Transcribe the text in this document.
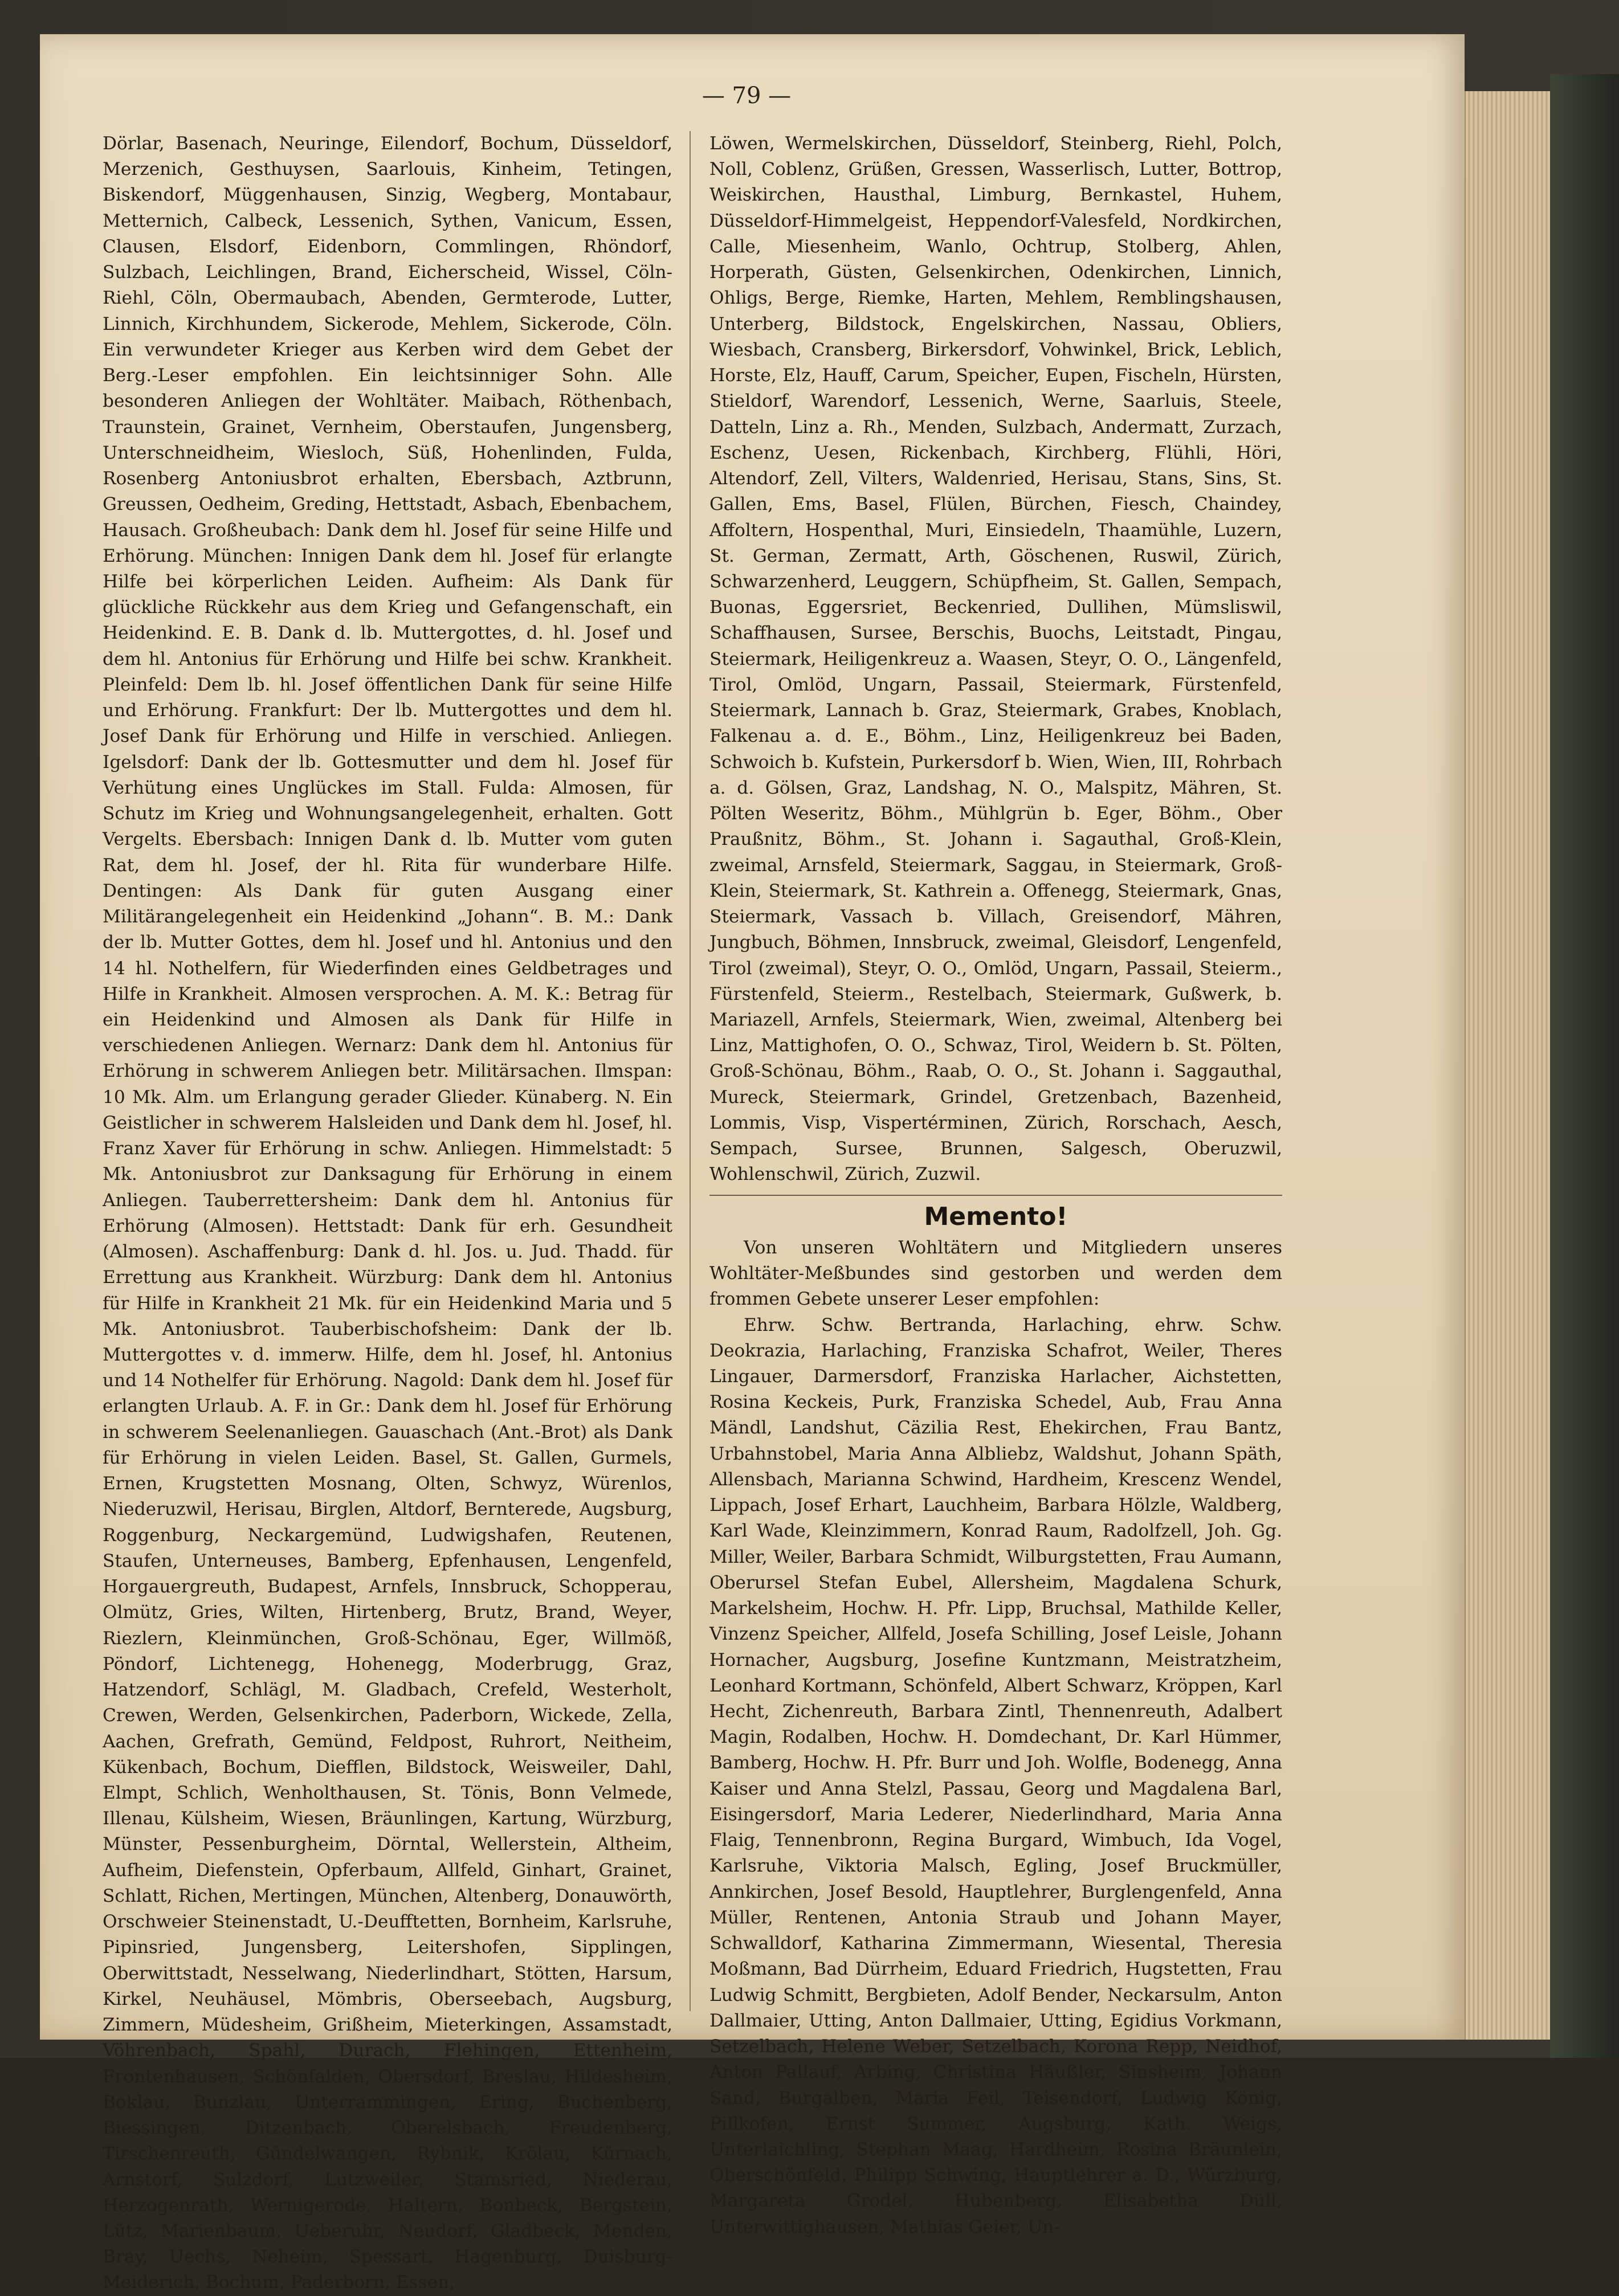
— 79 —

Dörlar, Basenach, Neuringe, Eilendorf, Bochum, Düsseldorf, Merzenich, Gesthuysen, Saarlouis, Kinheim, Tetingen, Biskendorf, Müggenhausen, Sinzig, Wegberg, Montabaur, Metternich, Calbeck, Lessenich, Sythen, Vanicum, Essen, Clausen, Elsdorf, Eidenborn, Commlingen, Rhöndorf, Sulzbach, Leichlingen, Brand, Eicherscheid, Wissel, Cöln-Riehl, Cöln, Obermaubach, Abenden, Germterode, Lutter, Linnich, Kirchhundem, Sickerode, Mehlem, Sickerode, Cöln. Ein verwundeter Krieger aus Kerben wird dem Gebet der Berg.-Leser empfohlen. Ein leichtsinniger Sohn. Alle besonderen Anliegen der Wohltäter. Maibach, Röthenbach, Traunstein, Grainet, Vernheim, Oberstaufen, Jungensberg, Unterschneidheim, Wiesloch, Süß, Hohenlinden, Fulda, Rosenberg Antoniusbrot erhalten, Ebersbach, Aztbrunn, Greussen, Oedheim, Greding, Hettstadt, Asbach, Ebenbachem, Hausach. Großheubach: Dank dem hl. Josef für seine Hilfe und Erhörung. München: Innigen Dank dem hl. Josef für erlangte Hilfe bei körperlichen Leiden. Aufheim: Als Dank für glückliche Rückkehr aus dem Krieg und Gefangenschaft, ein Heidenkind. E. B. Dank d. lb. Muttergottes, d. hl. Josef und dem hl. Antonius für Erhörung und Hilfe bei schw. Krankheit. Pleinfeld: Dem lb. hl. Josef öffentlichen Dank für seine Hilfe und Erhörung. Frankfurt: Der lb. Muttergottes und dem hl. Josef Dank für Erhörung und Hilfe in verschied. Anliegen. Igelsdorf: Dank der lb. Gottesmutter und dem hl. Josef für Verhütung eines Unglückes im Stall. Fulda: Almosen, für Schutz im Krieg und Wohnungsangelegenheit, erhalten. Gott Vergelts. Ebersbach: Innigen Dank d. lb. Mutter vom guten Rat, dem hl. Josef, der hl. Rita für wunderbare Hilfe. Dentingen: Als Dank für guten Ausgang einer Militärangelegenheit ein Heidenkind „Johann“. B. M.: Dank der lb. Mutter Gottes, dem hl. Josef und hl. Antonius und den 14 hl. Nothelfern, für Wiederfinden eines Geldbetrages und Hilfe in Krankheit. Almosen versprochen. A. M. K.: Betrag für ein Heidenkind und Almosen als Dank für Hilfe in verschiedenen Anliegen. Wernarz: Dank dem hl. Antonius für Erhörung in schwerem Anliegen betr. Militärsachen. Ilmspan: 10 Mk. Alm. um Erlangung gerader Glieder. Künaberg. N. Ein Geistlicher in schwerem Halsleiden und Dank dem hl. Josef, hl. Franz Xaver für Erhörung in schw. Anliegen. Himmelstadt: 5 Mk. Antoniusbrot zur Danksagung für Erhörung in einem Anliegen. Tauberrettersheim: Dank dem hl. Antonius für Erhörung (Almosen). Hettstadt: Dank für erh. Gesundheit (Almosen). Aschaffenburg: Dank d. hl. Jos. u. Jud. Thadd. für Errettung aus Krankheit. Würzburg: Dank dem hl. Antonius für Hilfe in Krankheit 21 Mk. für ein Heidenkind Maria und 5 Mk. Antoniusbrot. Tauberbischofsheim: Dank der lb. Muttergottes v. d. immerw. Hilfe, dem hl. Josef, hl. Antonius und 14 Nothelfer für Erhörung. Nagold: Dank dem hl. Josef für erlangten Urlaub. A. F. in Gr.: Dank dem hl. Josef für Erhörung in schwerem Seelenanliegen. Gauaschach (Ant.-Brot) als Dank für Erhörung in vielen Leiden. Basel, St. Gallen, Gurmels, Ernen, Krugstetten Mosnang, Olten, Schwyz, Würenlos, Niederuzwil, Herisau, Birglen, Altdorf, Bernterede, Augsburg, Roggenburg, Neckargemünd, Ludwigshafen, Reutenen, Staufen, Unterneuses, Bamberg, Epfenhausen, Lengenfeld, Horgauergreuth, Budapest, Arnfels, Innsbruck, Schopperau, Olmütz, Gries, Wilten, Hirtenberg, Brutz, Brand, Weyer, Riezlern, Kleinmünchen, Groß-Schönau, Eger, Willmöß, Pöndorf, Lichtenegg, Hohenegg, Moderbrugg, Graz, Hatzendorf, Schlägl, M. Gladbach, Crefeld, Westerholt, Crewen, Werden, Gelsenkirchen, Paderborn, Wickede, Zella, Aachen, Grefrath, Gemünd, Feldpost, Ruhrort, Neitheim, Kükenbach, Bochum, Diefflen, Bildstock, Weisweiler, Dahl, Elmpt, Schlich, Wenholthausen, St. Tönis, Bonn Velmede, Illenau, Külsheim, Wiesen, Bräunlingen, Kartung, Würzburg, Münster, Pessenburgheim, Dörntal, Wellerstein, Altheim, Aufheim, Diefenstein, Opferbaum, Allfeld, Ginhart, Grainet, Schlatt, Richen, Mertingen, München, Altenberg, Donauwörth, Orschweier Steinenstadt, U.-Deufftetten, Bornheim, Karlsruhe, Pipinsried, Jungensberg, Leitershofen, Sipplingen, Oberwittstadt, Nesselwang, Niederlindhart, Stötten, Harsum, Kirkel, Neuhäusel, Mömbris, Oberseebach, Augsburg, Zimmern, Müdesheim, Grißheim, Mieterkingen, Assamstadt, Vöhrenbach, Spahl, Durach, Flehingen, Ettenheim, Frontenhausen, Schönfalden, Obersdorf, Breslau, Hildesheim, Boklau, Bunzlau, Unterrammingen, Ering, Buchenberg, Biessingen, Ditzenbach, Oberelsbach, Freudenberg, Tirschenreuth, Gündelwangen, Rybnik, Krölau, Kürnach, Arnstorf, Sulzdorf, Lutzweiler, Stamsried, Niederau, Herzogenrath, Wernigerode, Haltern, Bonbeck, Bergstein, Lütz, Marienbaum, Ueberuhr, Neudorf, Gladbeck, Menden, Bray, Uechs, Neheim, Spessart, Hagenburg, Duisburg-Meiderich, Bochum, Paderborn, Essen,

Löwen, Wermelskirchen, Düsseldorf, Steinberg, Riehl, Polch, Noll, Coblenz, Grüßen, Gressen, Wasserlisch, Lutter, Bottrop, Weiskirchen, Hausthal, Limburg, Bernkastel, Huhem, Düsseldorf-Himmelgeist, Heppendorf-Valesfeld, Nordkirchen, Calle, Miesenheim, Wanlo, Ochtrup, Stolberg, Ahlen, Horperath, Güsten, Gelsenkirchen, Odenkirchen, Linnich, Ohligs, Berge, Riemke, Harten, Mehlem, Remblingshausen, Unterberg, Bildstock, Engelskirchen, Nassau, Obliers, Wiesbach, Cransberg, Birkersdorf, Vohwinkel, Brick, Leblich, Horste, Elz, Hauff, Carum, Speicher, Eupen, Fischeln, Hürsten, Stieldorf, Warendorf, Lessenich, Werne, Saarluis, Steele, Datteln, Linz a. Rh., Menden, Sulzbach, Andermatt, Zurzach, Eschenz, Uesen, Rickenbach, Kirchberg, Flühli, Höri, Altendorf, Zell, Vilters, Waldenried, Herisau, Stans, Sins, St. Gallen, Ems, Basel, Flülen, Bürchen, Fiesch, Chaindey, Affoltern, Hospenthal, Muri, Einsiedeln, Thaamühle, Luzern, St. German, Zermatt, Arth, Göschenen, Ruswil, Zürich, Schwarzenherd, Leuggern, Schüpfheim, St. Gallen, Sempach, Buonas, Eggersriet, Beckenried, Dullihen, Mümsliswil, Schaffhausen, Sursee, Berschis, Buochs, Leitstadt, Pingau, Steiermark, Heiligenkreuz a. Waasen, Steyr, O. O., Längenfeld, Tirol, Omlöd, Ungarn, Passail, Steiermark, Fürstenfeld, Steiermark, Lannach b. Graz, Steiermark, Grabes, Knoblach, Falkenau a. d. E., Böhm., Linz, Heiligenkreuz bei Baden, Schwoich b. Kufstein, Purkersdorf b. Wien, Wien, III, Rohrbach a. d. Gölsen, Graz, Landshag, N. O., Malspitz, Mähren, St. Pölten Weseritz, Böhm., Mühlgrün b. Eger, Böhm., Ober Praußnitz, Böhm., St. Johann i. Sagauthal, Groß-Klein, zweimal, Arnsfeld, Steiermark, Saggau, in Steiermark, Groß-Klein, Steiermark, St. Kathrein a. Offenegg, Steiermark, Gnas, Steiermark, Vassach b. Villach, Greisendorf, Mähren, Jungbuch, Böhmen, Innsbruck, zweimal, Gleisdorf, Lengenfeld, Tirol (zweimal), Steyr, O. O., Omlöd, Ungarn, Passail, Steierm., Fürstenfeld, Steierm., Restelbach, Steiermark, Gußwerk, b. Mariazell, Arnfels, Steiermark, Wien, zweimal, Altenberg bei Linz, Mattighofen, O. O., Schwaz, Tirol, Weidern b. St. Pölten, Groß-Schönau, Böhm., Raab, O. O., St. Johann i. Saggauthal, Mureck, Steiermark, Grindel, Gretzenbach, Bazenheid, Lommis, Visp, Vispertérminen, Zürich, Rorschach, Aesch, Sempach, Sursee, Brunnen, Salgesch, Oberuzwil, Wohlenschwil, Zürich, Zuzwil.

Memento!

Von unseren Wohltätern und Mitgliedern unseres Wohltäter-Meßbundes sind gestorben und werden dem frommen Gebete unserer Leser empfohlen:

Ehrw. Schw. Bertranda, Harlaching, ehrw. Schw. Deokrazia, Harlaching, Franziska Schafrot, Weiler, Theres Lingauer, Darmersdorf, Franziska Harlacher, Aichstetten, Rosina Keckeis, Purk, Franziska Schedel, Aub, Frau Anna Mändl, Landshut, Cäzilia Rest, Ehekirchen, Frau Bantz, Urbahnstobel, Maria Anna Albliebz, Waldshut, Johann Späth, Allensbach, Marianna Schwind, Hardheim, Krescenz Wendel, Lippach, Josef Erhart, Lauchheim, Barbara Hölzle, Waldberg, Karl Wade, Kleinzimmern, Konrad Raum, Radolfzell, Joh. Gg. Miller, Weiler, Barbara Schmidt, Wilburgstetten, Frau Aumann, Oberursel Stefan Eubel, Allersheim, Magdalena Schurk, Markelsheim, Hochw. H. Pfr. Lipp, Bruchsal, Mathilde Keller, Vinzenz Speicher, Allfeld, Josefa Schilling, Josef Leisle, Johann Hornacher, Augsburg, Josefine Kuntzmann, Meistratzheim, Leonhard Kortmann, Schönfeld, Albert Schwarz, Kröppen, Karl Hecht, Zichenreuth, Barbara Zintl, Thennenreuth, Adalbert Magin, Rodalben, Hochw. H. Domdechant, Dr. Karl Hümmer, Bamberg, Hochw. H. Pfr. Burr und Joh. Wolfle, Bodenegg, Anna Kaiser und Anna Stelzl, Passau, Georg und Magdalena Barl, Eisingersdorf, Maria Lederer, Niederlindhard, Maria Anna Flaig, Tennenbronn, Regina Burgard, Wimbuch, Ida Vogel, Karlsruhe, Viktoria Malsch, Egling, Josef Bruckmüller, Annkirchen, Josef Besold, Hauptlehrer, Burglengenfeld, Anna Müller, Rentenen, Antonia Straub und Johann Mayer, Schwalldorf, Katharina Zimmermann, Wiesental, Theresia Moßmann, Bad Dürrheim, Eduard Friedrich, Hugstetten, Frau Ludwig Schmitt, Bergbieten, Adolf Bender, Neckarsulm, Anton Dallmaier, Utting, Anton Dallmaier, Utting, Egidius Vorkmann, Setzelbach, Helene Weber, Setzelbach, Korona Repp, Neidhof, Anton Pallauf, Arbing, Christina Häußler, Sinsheim, Johann Sand, Burgalben, Maria Feil, Teisendorf, Ludwig König, Pillkofen, Ernst Summer, Augsburg, Kath. Weigs, Unterlaichling, Stephan Maag, Hardheim, Rosina Bräunlein, Oberschönfeld, Philipp Schwing, Hauptlehrer a. D., Würzburg, Margareta Grodel, Hubenberg, Elisabetha Düll, Unterwittighausen, Mathias Geier, Un-
